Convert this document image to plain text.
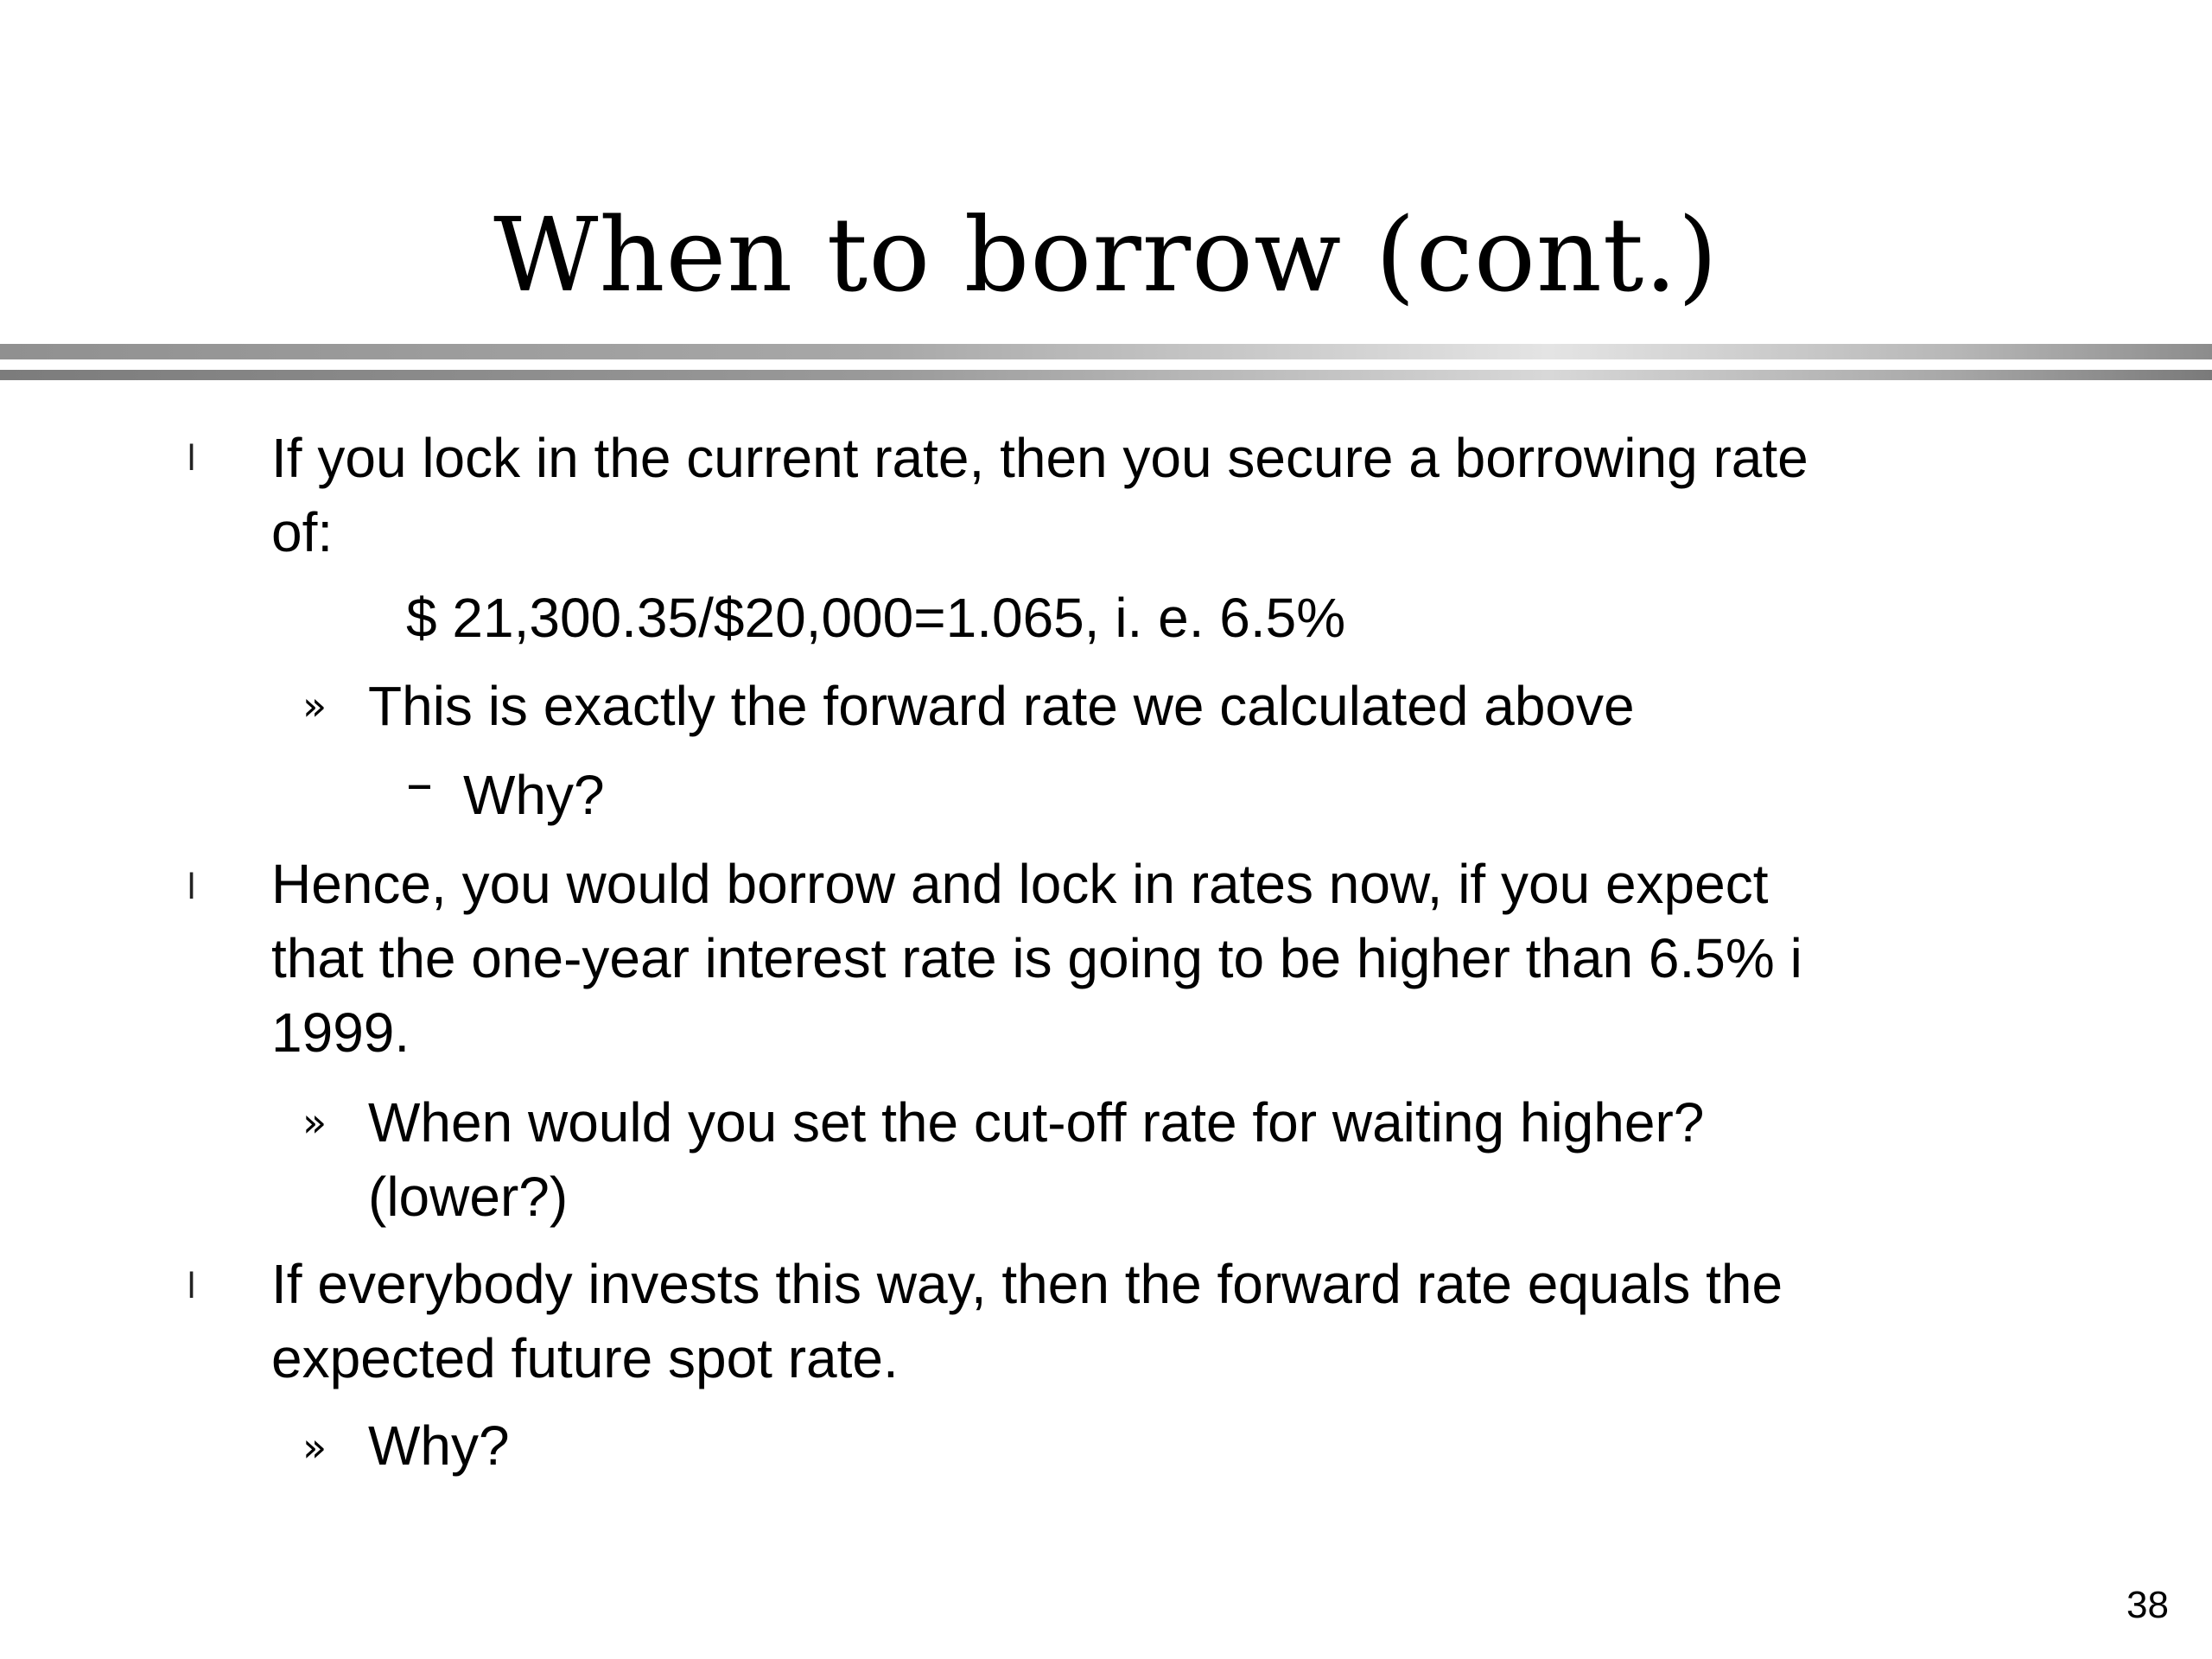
When to borrow (cont.)
l If you lock in the current rate, then you secure a borrowing rate
of:
$ 21,300.35/$20,000=1.065, i. e. 6.5%
» This is exactly the forward rate we calculated above
– Why?
l Hence, you would borrow and lock in rates now, if you expect
that the one-year interest rate is going to be higher than 6.5% i
1999.
» When would you set the cut-off rate for waiting higher?
(lower?)
l If everybody invests this way, then the forward rate equals the
expected future spot rate.
» Why?
38
